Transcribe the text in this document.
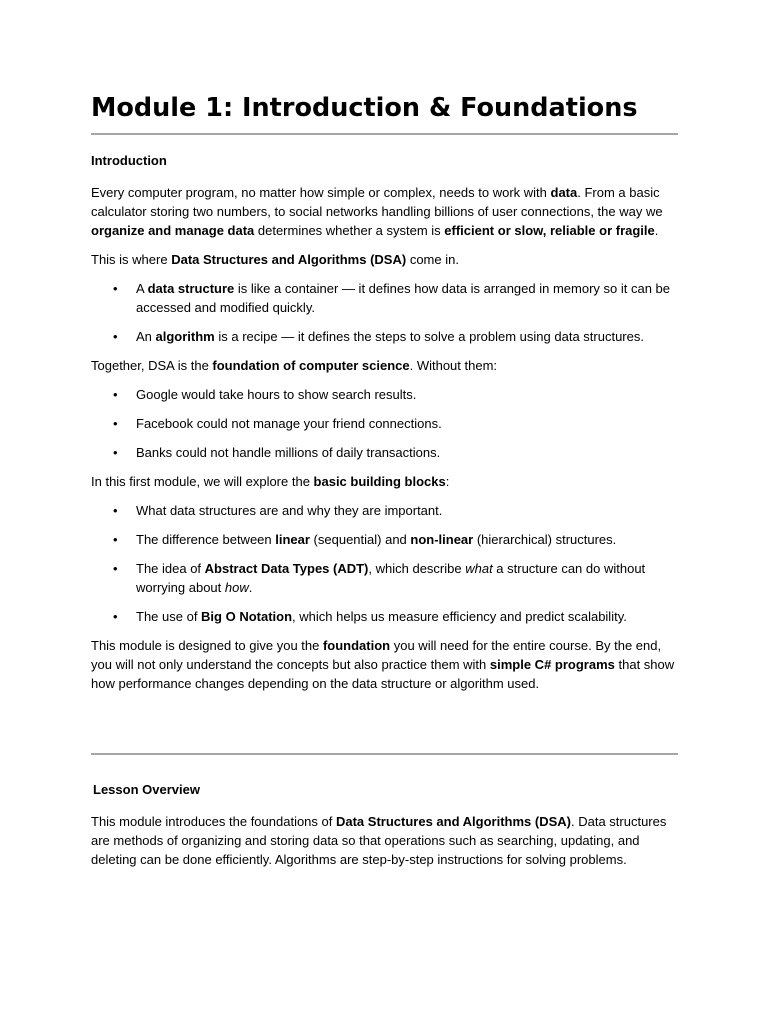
Module 1: Introduction & Foundations
Introduction

Every computer program, no matter how simple or complex, needs to work with data. From a basic calculator storing two numbers, to social networks handling billions of user connections, the way we organize and manage data determines whether a system is efficient or slow, reliable or fragile.

This is where Data Structures and Algorithms (DSA) come in.

• A data structure is like a container — it defines how data is arranged in memory so it can be accessed and modified quickly.
• An algorithm is a recipe — it defines the steps to solve a problem using data structures.

Together, DSA is the foundation of computer science. Without them:

• Google would take hours to show search results.
• Facebook could not manage your friend connections.
• Banks could not handle millions of daily transactions.

In this first module, we will explore the basic building blocks:

• What data structures are and why they are important.
• The difference between linear (sequential) and non-linear (hierarchical) structures.
• The idea of Abstract Data Types (ADT), which describe what a structure can do without worrying about how.
• The use of Big O Notation, which helps us measure efficiency and predict scalability.

This module is designed to give you the foundation you will need for the entire course. By the end, you will not only understand the concepts but also practice them with simple C# programs that show how performance changes depending on the data structure or algorithm used.

Lesson Overview

This module introduces the foundations of Data Structures and Algorithms (DSA). Data structures are methods of organizing and storing data so that operations such as searching, updating, and deleting can be done efficiently. Algorithms are step-by-step instructions for solving problems.
